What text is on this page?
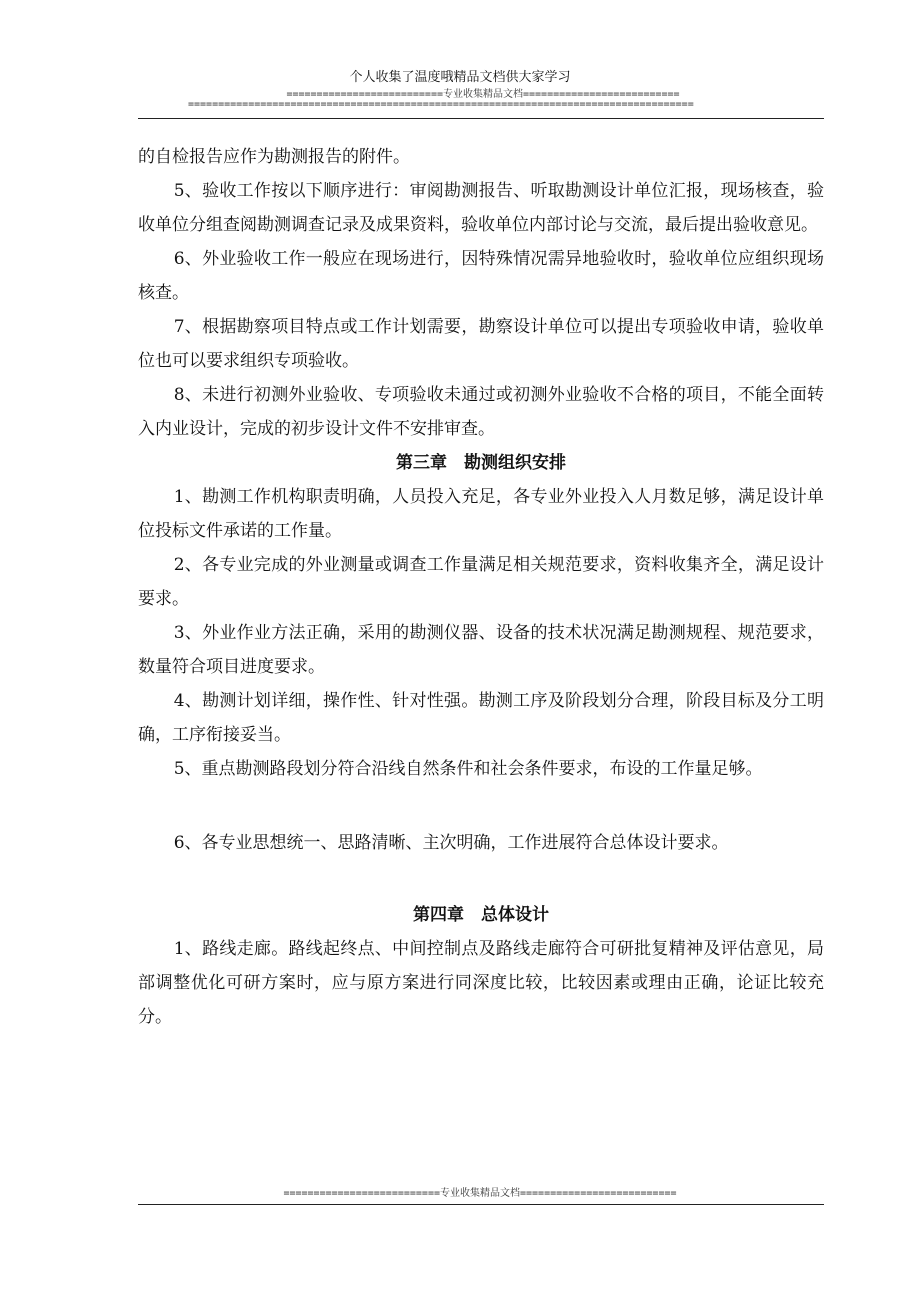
个人收集了温度哦精品文档供大家学习
==========================专业收集精品文档==========================
====================================================================================

的自检报告应作为勘测报告的附件。

5、验收工作按以下顺序进行：审阅勘测报告、听取勘测设计单位汇报，现场核查，验收单位分组查阅勘测调查记录及成果资料，验收单位内部讨论与交流，最后提出验收意见。

6、外业验收工作一般应在现场进行，因特殊情况需异地验收时，验收单位应组织现场核查。

7、根据勘察项目特点或工作计划需要，勘察设计单位可以提出专项验收申请，验收单位也可以要求组织专项验收。

8、未进行初测外业验收、专项验收未通过或初测外业验收不合格的项目，不能全面转入内业设计，完成的初步设计文件不安排审查。

第三章　勘测组织安排

1、勘测工作机构职责明确，人员投入充足，各专业外业投入人月数足够，满足设计单位投标文件承诺的工作量。

2、各专业完成的外业测量或调查工作量满足相关规范要求，资料收集齐全，满足设计要求。

3、外业作业方法正确，采用的勘测仪器、设备的技术状况满足勘测规程、规范要求，数量符合项目进度要求。

4、勘测计划详细，操作性、针对性强。勘测工序及阶段划分合理，阶段目标及分工明确，工序衔接妥当。

5、重点勘测路段划分符合沿线自然条件和社会条件要求，布设的工作量足够。

6、各专业思想统一、思路清晰、主次明确，工作进展符合总体设计要求。

第四章　总体设计

1、路线走廊。路线起终点、中间控制点及路线走廊符合可研批复精神及评估意见，局部调整优化可研方案时，应与原方案进行同深度比较，比较因素或理由正确，论证比较充分。

==========================专业收集精品文档==========================
